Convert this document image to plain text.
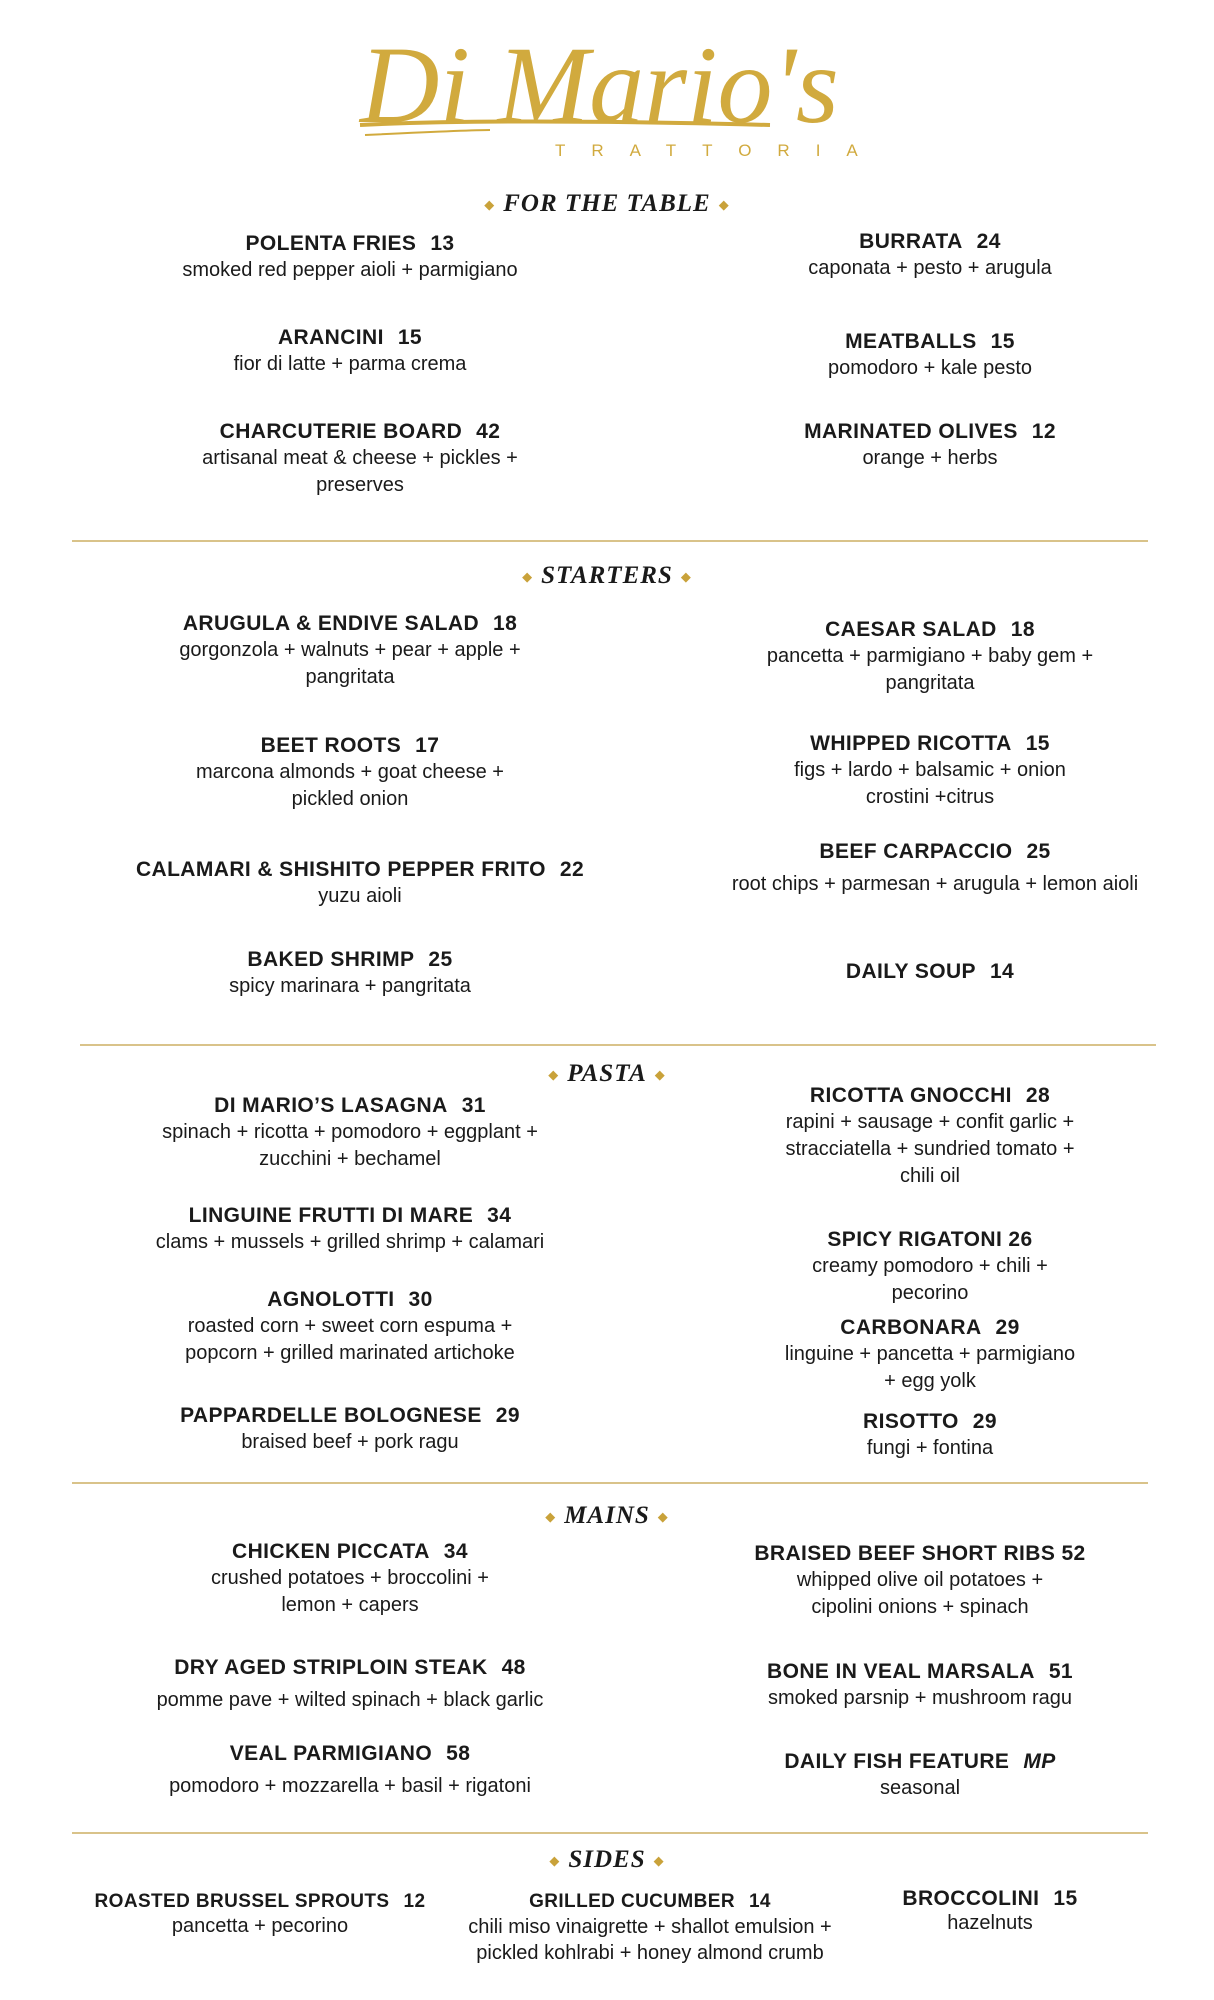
Di Mario's
TRATTORIA
◆ FOR THE TABLE ◆
POLENTA FRIES 13
smoked red pepper aioli + parmigiano
BURRATA 24
caponata + pesto + arugula
ARANCINI 15
fior di latte + parma crema
MEATBALLS 15
pomodoro + kale pesto
CHARCUTERIE BOARD 42
artisanal meat & cheese + pickles +
preserves
MARINATED OLIVES 12
orange + herbs
◆ STARTERS ◆
ARUGULA & ENDIVE SALAD 18
gorgonzola + walnuts + pear + apple +
pangritata
CAESAR SALAD 18
pancetta + parmigiano + baby gem +
pangritata
BEET ROOTS 17
marcona almonds + goat cheese +
pickled onion
WHIPPED RICOTTA 15
figs + lardo + balsamic + onion
crostini +citrus
CALAMARI & SHISHITO PEPPER FRITO 22
yuzu aioli
BEEF CARPACCIO 25
root chips + parmesan + arugula + lemon aioli
BAKED SHRIMP 25
spicy marinara + pangritata
DAILY SOUP 14
◆ PASTA ◆
DI MARIO’S LASAGNA 31
spinach + ricotta + pomodoro + eggplant +
zucchini + bechamel
RICOTTA GNOCCHI 28
rapini + sausage + confit garlic +
stracciatella + sundried tomato +
chili oil
LINGUINE FRUTTI DI MARE 34
clams + mussels + grilled shrimp + calamari	SPICY RIGATONI 26
creamy pomodoro + chili +
pecorino
AGNOLOTTI 30
roasted corn + sweet corn espuma +
popcorn + grilled marinated artichoke
CARBONARA 29
linguine + pancetta + parmigiano
+ egg yolk
PAPPARDELLE BOLOGNESE 29
braised beef + pork ragu
RISOTTO 29
fungi + fontina
◆ MAINS ◆
CHICKEN PICCATA 34
crushed potatoes + broccolini +
lemon + capers
BRAISED BEEF SHORT RIBS 52
whipped olive oil potatoes +
cipolini onions + spinach
DRY AGED STRIPLOIN STEAK 48
pomme pave + wilted spinach + black garlic
BONE IN VEAL MARSALA 51
smoked parsnip + mushroom ragu
VEAL PARMIGIANO 58
pomodoro + mozzarella + basil + rigatoni
DAILY FISH FEATURE MP
seasonal
◆ SIDES ◆
ROASTED BRUSSEL SPROUTS 12
pancetta + pecorino
GRILLED CUCUMBER 14
chili miso vinaigrette + shallot emulsion +
pickled kohlrabi + honey almond crumb
BROCCOLINI 15
hazelnuts
